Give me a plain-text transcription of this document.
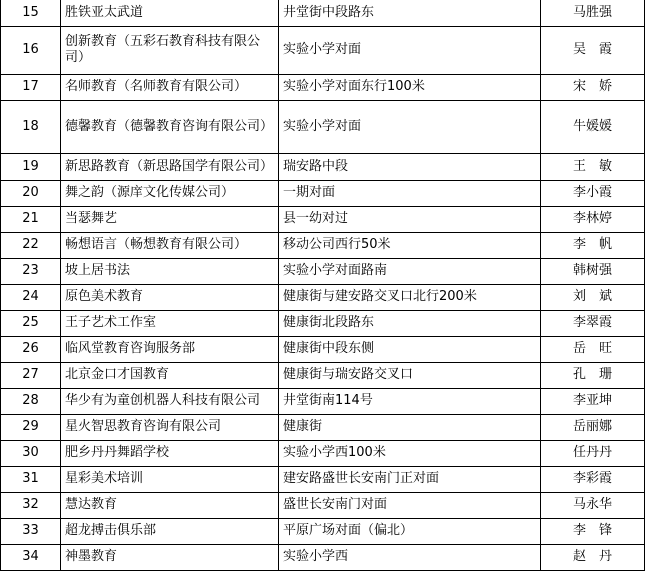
15	胜铁亚太武道	井堂街中段路东	马胜强
16	创新教育（五彩石教育科技有限公司）	实验小学对面	吴　霞
17	名师教育（名师教育有限公司）	实验小学对面东行100米	宋　娇
18	德馨教育（德馨教育咨询有限公司）	实验小学对面	牛媛媛
19	新思路教育（新思路国学有限公司）	瑞安路中段	王　敏
20	舞之韵（源庠文化传媒公司）	一期对面	李小霞
21	当瑟舞艺	县一幼对过	李林婷
22	畅想语言（畅想教育有限公司）	移动公司西行50米	李　帆
23	坡上居书法	实验小学对面路南	韩树强
24	原色美术教育	健康街与建安路交叉口北行200米	刘　斌
25	王子艺术工作室	健康街北段路东	李翠霞
26	临风堂教育咨询服务部	健康街中段东侧	岳　旺
27	北京金口才国教育	健康街与瑞安路交叉口	孔　珊
28	华少有为童创机器人科技有限公司	井堂街南114号	李亚坤
29	星火智思教育咨询有限公司	健康街	岳丽娜
30	肥乡丹丹舞蹈学校	实验小学西100米	任丹丹
31	星彩美术培训	建安路盛世长安南门正对面	李彩霞
32	慧达教育	盛世长安南门对面	马永华
33	超龙搏击俱乐部	平原广场对面（偏北）	李　锋
34	神墨教育	实验小学西	赵　丹
